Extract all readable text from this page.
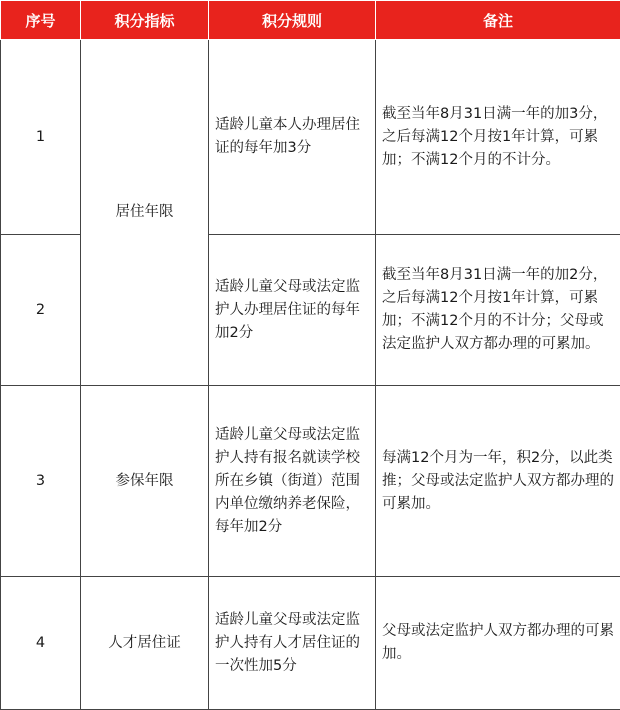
序号	积分指标	积分规则	备注
1	居住年限	适龄儿童本人办理居住证的每年加3分	截至当年8月31日满一年的加3分，之后每满12个月按1年计算，可累加；不满12个月的不计分。
2		适龄儿童父母或法定监护人办理居住证的每年加2分	截至当年8月31日满一年的加2分，之后每满12个月按1年计算，可累加；不满12个月的不计分；父母或法定监护人双方都办理的可累加。
3	参保年限	适龄儿童父母或法定监护人持有报名就读学校所在乡镇（街道）范围内单位缴纳养老保险，每年加2分	每满12个月为一年，积2分，以此类推；父母或法定监护人双方都办理的可累加。
4	人才居住证	适龄儿童父母或法定监护人持有人才居住证的一次性加5分	父母或法定监护人双方都办理的可累加。
